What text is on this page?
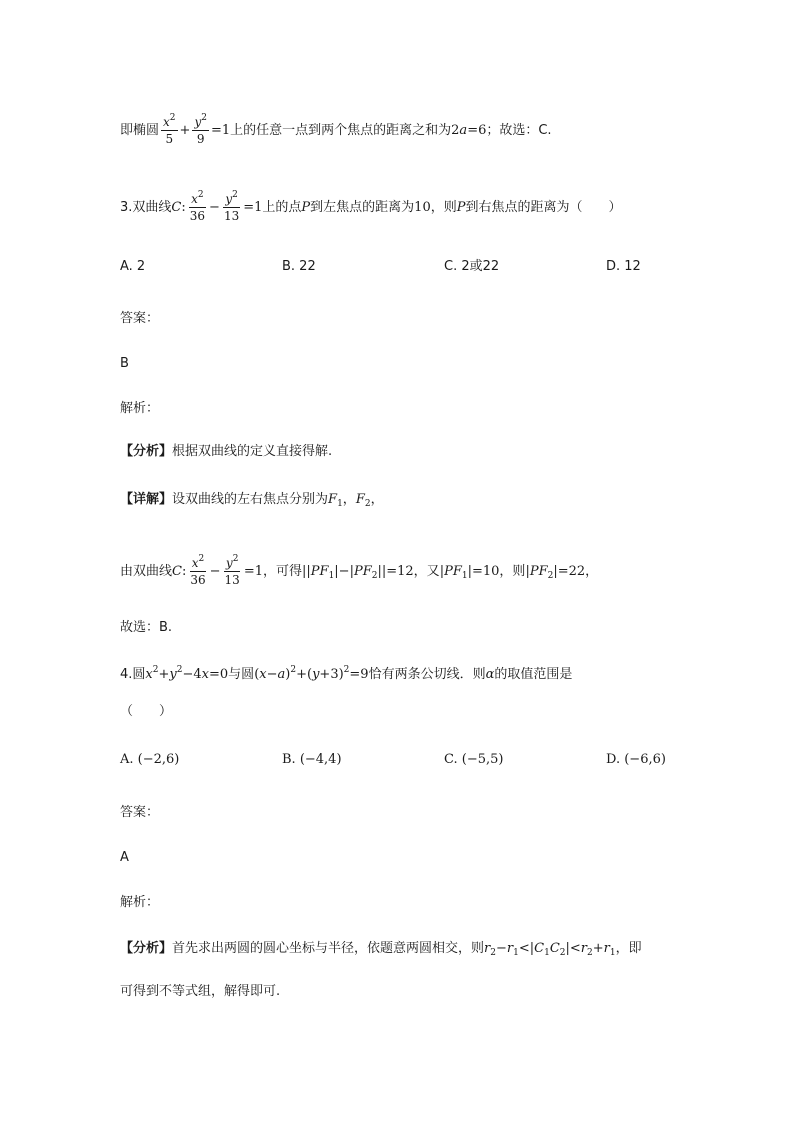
即椭圆 $\frac{x^2}{5} + \frac{y^2}{9} =1$上的任意一点到两个焦点的距离之和为2a=6；故选：C.
3.双曲线C: $\frac{x^2}{36} - \frac{y^2}{13} =1$上的点P到左焦点的距离为10，则P到右焦点的距离为（　　）
A. 2	B. 22	C. 2或22	D. 12
答案：
B
解析：
【分析】根据双曲线的定义直接得解.
【详解】设双曲线的左右焦点分别为$F_1$，$F_2$，
由双曲线C: $\frac{x^2}{36} - \frac{y^2}{13} =1$，可得$||PF_1|-|PF_2||=12$，又$|PF_1|=10$，则$|PF_2|=22$，
故选：B.
4.圆$x^2+y^2-4x=0$与圆$(x-a)^2+(y+3)^2=9$恰有两条公切线．则α的取值范围是
（　　）
A. (−2,6)	B. (−4,4)	C. (−5,5)	D. (−6,6)
答案：
A
解析：
【分析】首先求出两圆的圆心坐标与半径，依题意两圆相交，则$r_2-r_1<|C_1C_2|<r_2+r_1$，即
可得到不等式组，解得即可.
